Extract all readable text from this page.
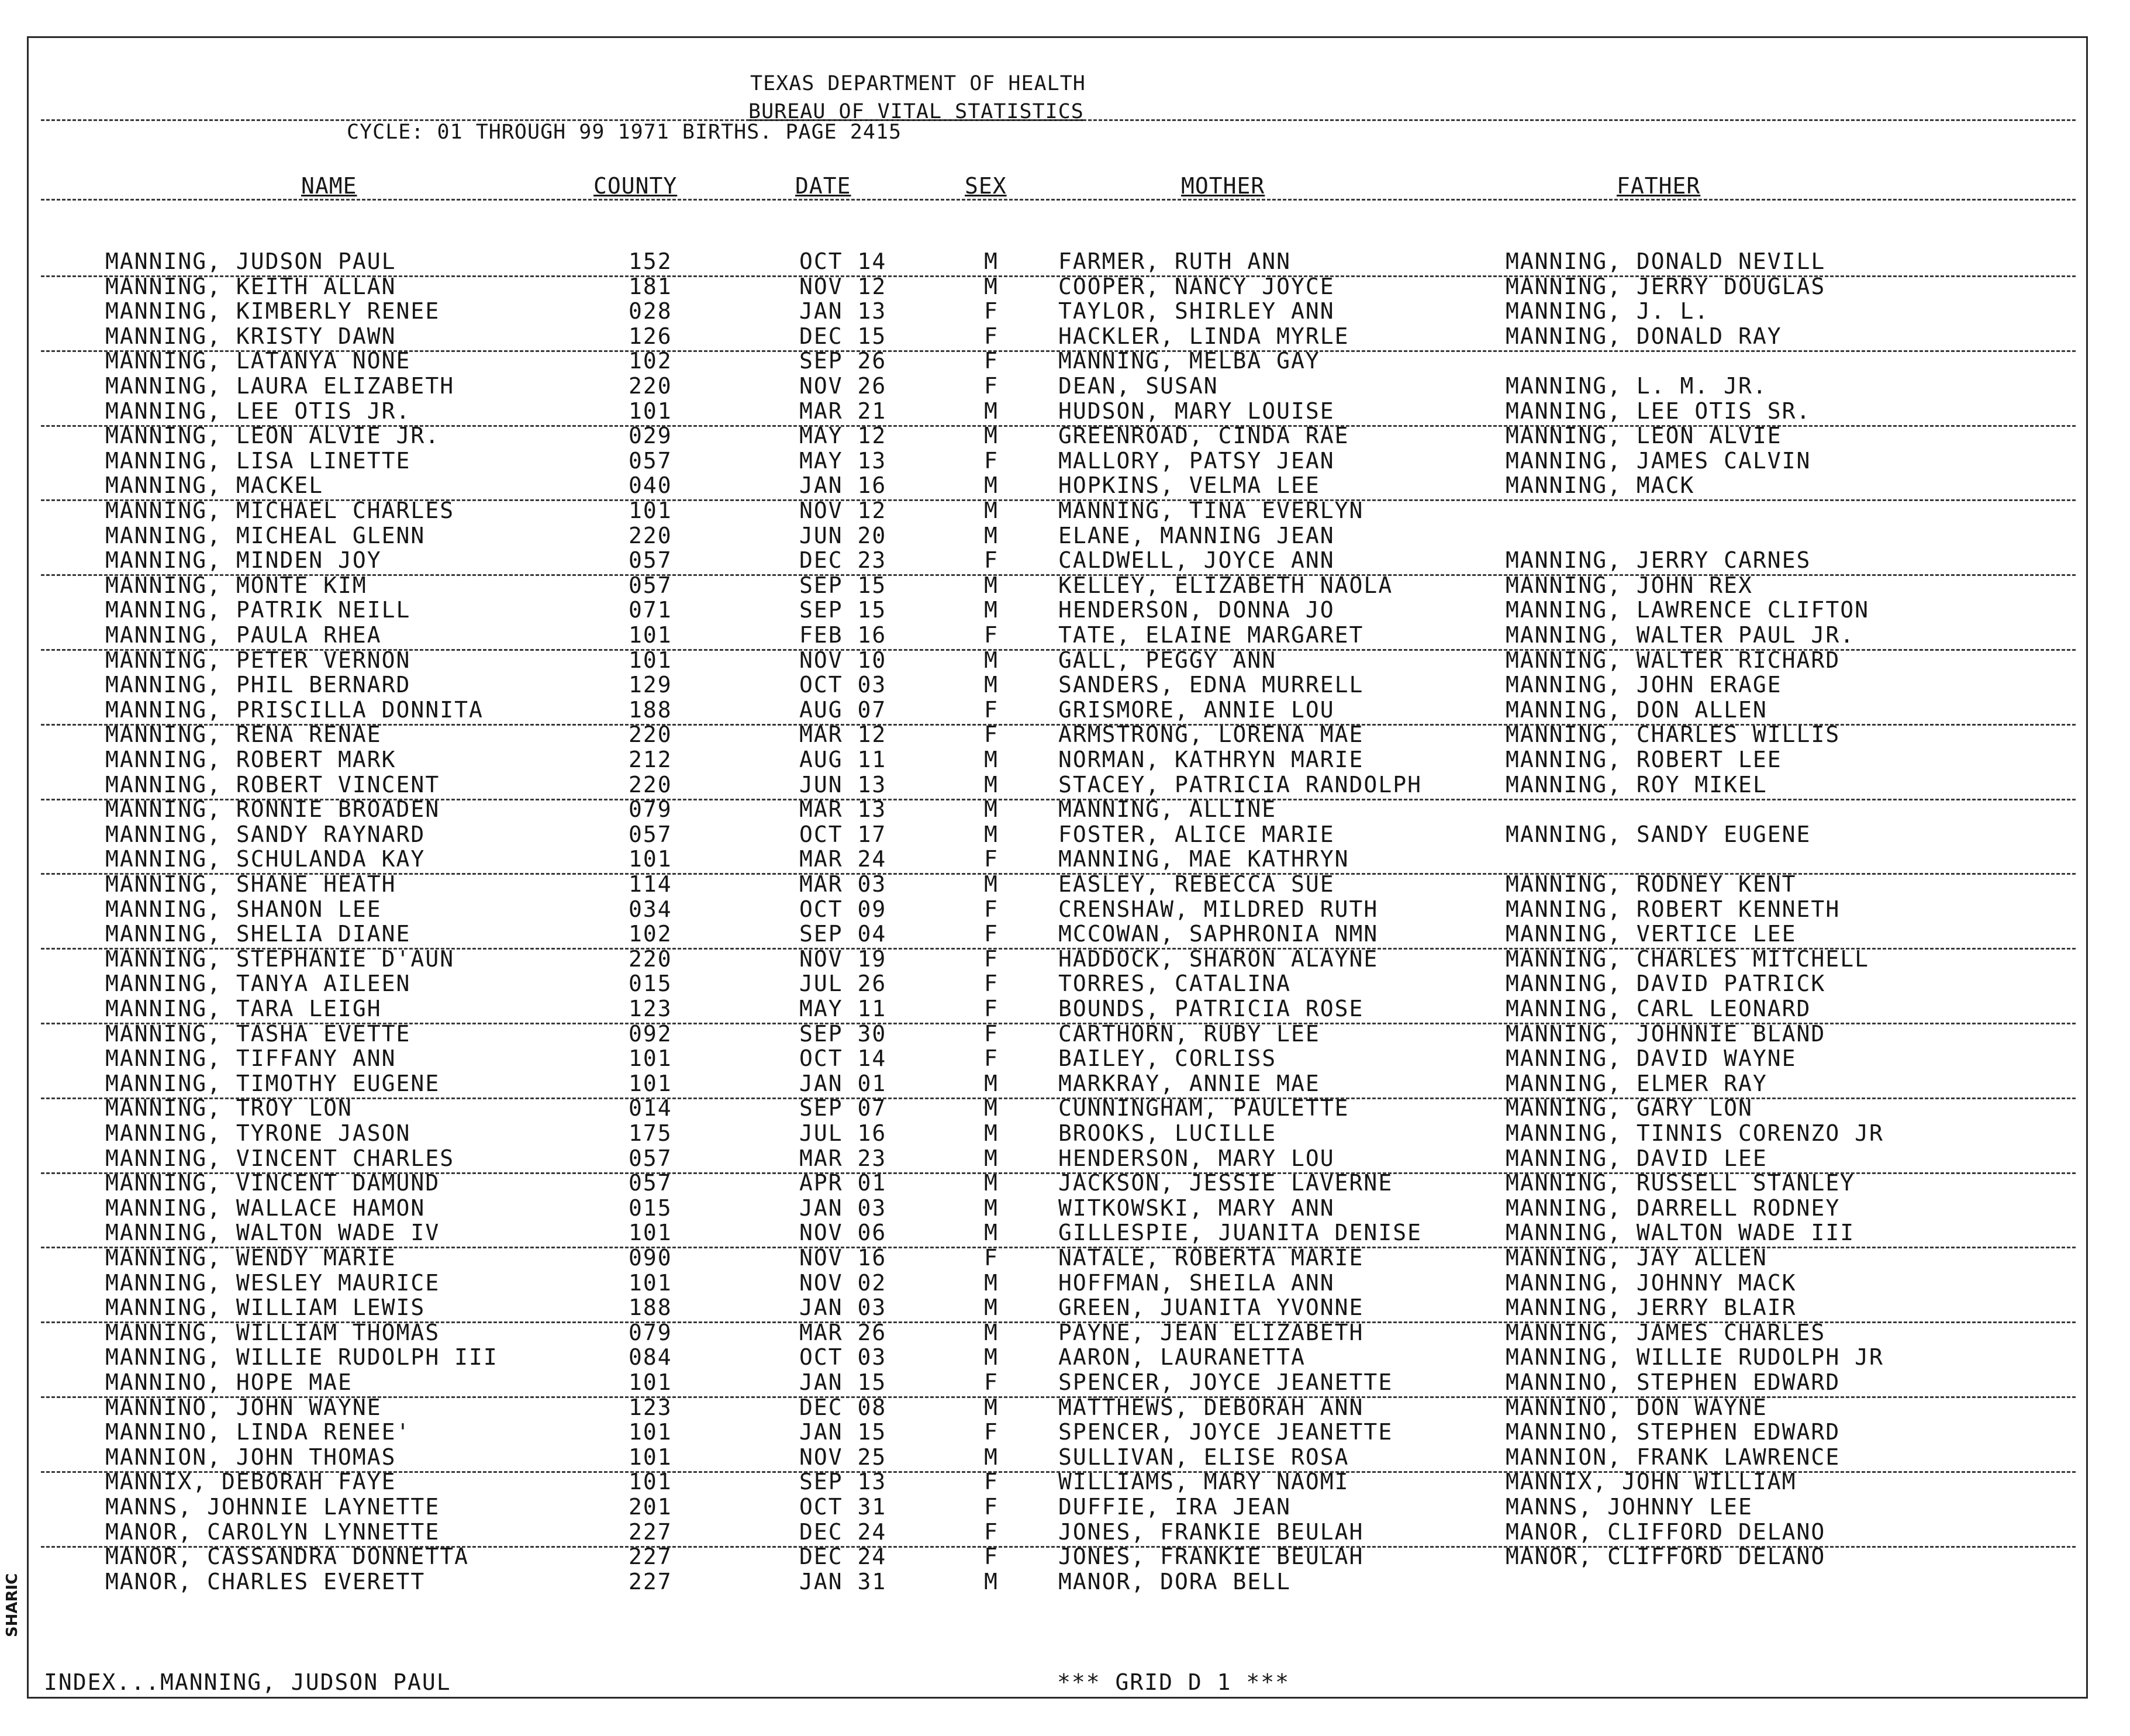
TEXAS DEPARTMENT OF HEALTH
BUREAU OF VITAL STATISTICS
CYCLE: 01 THROUGH 99 1971 BIRTHS. PAGE 2415
NAME	COUNTY	DATE	SEX	MOTHER	FATHER
MANNING, JUDSON PAUL	152	OCT 14	M	FARMER, RUTH ANN	MANNING, DONALD NEVILL
MANNING, KEITH ALLAN	181	NOV 12	M	COOPER, NANCY JOYCE	MANNING, JERRY DOUGLAS
MANNING, KIMBERLY RENEE	028	JAN 13	F	TAYLOR, SHIRLEY ANN	MANNING, J. L.
MANNING, KRISTY DAWN	126	DEC 15	F	HACKLER, LINDA MYRLE	MANNING, DONALD RAY
MANNING, LATANYA NONE	102	SEP 26	F	MANNING, MELBA GAY
MANNING, LAURA ELIZABETH	220	NOV 26	F	DEAN, SUSAN	MANNING, L. M. JR.
MANNING, LEE OTIS JR.	101	MAR 21	M	HUDSON, MARY LOUISE	MANNING, LEE OTIS SR.
MANNING, LEON ALVIE JR.	029	MAY 12	M	GREENROAD, CINDA RAE	MANNING, LEON ALVIE
MANNING, LISA LINETTE	057	MAY 13	F	MALLORY, PATSY JEAN	MANNING, JAMES CALVIN
MANNING, MACKEL	040	JAN 16	M	HOPKINS, VELMA LEE	MANNING, MACK
MANNING, MICHAEL CHARLES	101	NOV 12	M	MANNING, TINA EVERLYN
MANNING, MICHEAL GLENN	220	JUN 20	M	ELANE, MANNING JEAN
MANNING, MINDEN JOY	057	DEC 23	F	CALDWELL, JOYCE ANN	MANNING, JERRY CARNES
MANNING, MONTE KIM	057	SEP 15	M	KELLEY, ELIZABETH NAOLA	MANNING, JOHN REX
MANNING, PATRIK NEILL	071	SEP 15	M	HENDERSON, DONNA JO	MANNING, LAWRENCE CLIFTON
MANNING, PAULA RHEA	101	FEB 16	F	TATE, ELAINE MARGARET	MANNING, WALTER PAUL JR.
MANNING, PETER VERNON	101	NOV 10	M	GALL, PEGGY ANN	MANNING, WALTER RICHARD
MANNING, PHIL BERNARD	129	OCT 03	M	SANDERS, EDNA MURRELL	MANNING, JOHN ERAGE
MANNING, PRISCILLA DONNITA	188	AUG 07	F	GRISMORE, ANNIE LOU	MANNING, DON ALLEN
MANNING, RENA RENAE	220	MAR 12	F	ARMSTRONG, LORENA MAE	MANNING, CHARLES WILLIS
MANNING, ROBERT MARK	212	AUG 11	M	NORMAN, KATHRYN MARIE	MANNING, ROBERT LEE
MANNING, ROBERT VINCENT	220	JUN 13	M	STACEY, PATRICIA RANDOLPH	MANNING, ROY MIKEL
MANNING, RONNIE BROADEN	079	MAR 13	M	MANNING, ALLINE
MANNING, SANDY RAYNARD	057	OCT 17	M	FOSTER, ALICE MARIE	MANNING, SANDY EUGENE
MANNING, SCHULANDA KAY	101	MAR 24	F	MANNING, MAE KATHRYN
MANNING, SHANE HEATH	114	MAR 03	M	EASLEY, REBECCA SUE	MANNING, RODNEY KENT
MANNING, SHANON LEE	034	OCT 09	F	CRENSHAW, MILDRED RUTH	MANNING, ROBERT KENNETH
MANNING, SHELIA DIANE	102	SEP 04	F	MCCOWAN, SAPHRONIA NMN	MANNING, VERTICE LEE
MANNING, STEPHANIE D'AUN	220	NOV 19	F	HADDOCK, SHARON ALAYNE	MANNING, CHARLES MITCHELL
MANNING, TANYA AILEEN	015	JUL 26	F	TORRES, CATALINA	MANNING, DAVID PATRICK
MANNING, TARA LEIGH	123	MAY 11	F	BOUNDS, PATRICIA ROSE	MANNING, CARL LEONARD
MANNING, TASHA EVETTE	092	SEP 30	F	CARTHORN, RUBY LEE	MANNING, JOHNNIE BLAND
MANNING, TIFFANY ANN	101	OCT 14	F	BAILEY, CORLISS	MANNING, DAVID WAYNE
MANNING, TIMOTHY EUGENE	101	JAN 01	M	MARKRAY, ANNIE MAE	MANNING, ELMER RAY
MANNING, TROY LON	014	SEP 07	M	CUNNINGHAM, PAULETTE	MANNING, GARY LON
MANNING, TYRONE JASON	175	JUL 16	M	BROOKS, LUCILLE	MANNING, TINNIS CORENZO JR
MANNING, VINCENT CHARLES	057	MAR 23	M	HENDERSON, MARY LOU	MANNING, DAVID LEE
MANNING, VINCENT DAMUND	057	APR 01	M	JACKSON, JESSIE LAVERNE	MANNING, RUSSELL STANLEY
MANNING, WALLACE HAMON	015	JAN 03	M	WITKOWSKI, MARY ANN	MANNING, DARRELL RODNEY
MANNING, WALTON WADE IV	101	NOV 06	M	GILLESPIE, JUANITA DENISE	MANNING, WALTON WADE III
MANNING, WENDY MARIE	090	NOV 16	F	NATALE, ROBERTA MARIE	MANNING, JAY ALLEN
MANNING, WESLEY MAURICE	101	NOV 02	M	HOFFMAN, SHEILA ANN	MANNING, JOHNNY MACK
MANNING, WILLIAM LEWIS	188	JAN 03	M	GREEN, JUANITA YVONNE	MANNING, JERRY BLAIR
MANNING, WILLIAM THOMAS	079	MAR 26	M	PAYNE, JEAN ELIZABETH	MANNING, JAMES CHARLES
MANNING, WILLIE RUDOLPH III	084	OCT 03	M	AARON, LAURANETTA	MANNING, WILLIE RUDOLPH JR
MANNINO, HOPE MAE	101	JAN 15	F	SPENCER, JOYCE JEANETTE	MANNINO, STEPHEN EDWARD
MANNINO, JOHN WAYNE	123	DEC 08	M	MATTHEWS, DEBORAH ANN	MANNINO, DON WAYNE
MANNINO, LINDA RENEE'	101	JAN 15	F	SPENCER, JOYCE JEANETTE	MANNINO, STEPHEN EDWARD
MANNION, JOHN THOMAS	101	NOV 25	M	SULLIVAN, ELISE ROSA	MANNION, FRANK LAWRENCE
MANNIX, DEBORAH FAYE	101	SEP 13	F	WILLIAMS, MARY NAOMI	MANNIX, JOHN WILLIAM
MANNS, JOHNNIE LAYNETTE	201	OCT 31	F	DUFFIE, IRA JEAN	MANNS, JOHNNY LEE
MANOR, CAROLYN LYNNETTE	227	DEC 24	F	JONES, FRANKIE BEULAH	MANOR, CLIFFORD DELANO
MANOR, CASSANDRA DONNETTA	227	DEC 24	F	JONES, FRANKIE BEULAH	MANOR, CLIFFORD DELANO
MANOR, CHARLES EVERETT	227	JAN 31	M	MANOR, DORA BELL
INDEX...MANNING, JUDSON PAUL	*** GRID D 1 ***
SHARIC
